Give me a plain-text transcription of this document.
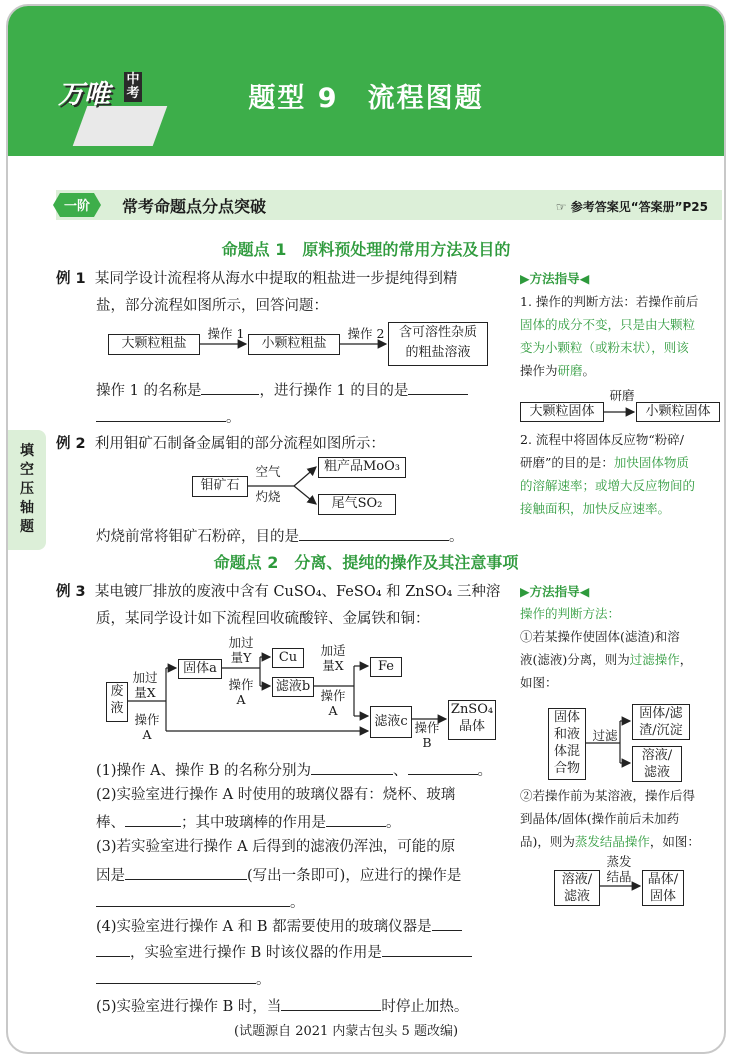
万唯
中考	题型 9　流程图题
一阶 常考命题点分点突破	☞ 参考答案见“答案册”P25
填空压轴题
命题点 1　原料预处理的常用方法及目的
例 1 某同学设计流程将从海水中提取的粗盐进一步提纯得到精
盐，部分流程如图所示，回答问题：
大颗粒粗盐
操作 1
小颗粒粗盐
操作 2	含可溶性杂质
的粗盐溶液
操作 1 的名称是	，进行操作 1 的目的是
。
例 2 利用钼矿石制备金属钼的部分流程如图所示：
钼矿石
空气
灼烧
粗产品MoO₃
尾气SO₂
灼烧前常将钼矿石粉碎，目的是	。
▶方法指导◀
1. 操作的判断方法：若操作前后
固体的成分不变，只是由大颗粒
变为小颗粒（或粉末状），则该
操作为研磨。
大颗粒固体
研磨
小颗粒固体
2. 流程中将固体反应物“粉碎/
研磨”的目的是：加快固体物质
的溶解速率；或增大反应物间的
接触面积，加快反应速率。
命题点 2　分离、提纯的操作及其注意事项
例 3 某电镀厂排放的废液中含有 CuSO₄、FeSO₄ 和 ZnSO₄ 三种溶
质，某同学设计如下流程回收硫酸锌、金属铁和铜：
废
液
加过
量X
操作
A
固体a
加过
量Y
操作
A
Cu
滤液b
加适
量X
操作
A
Fe
滤液c 操作
B
ZnSO₄
晶体
(1)操作 A、操作 B 的名称分别为	、	。
(2)实验室进行操作 A 时使用的玻璃仪器有：烧杯、玻璃
棒、	；其中玻璃棒的作用是	。
(3)若实验室进行操作 A 后得到的滤液仍浑浊，可能的原
因是	(写出一条即可)，应进行的操作是
。
(4)实验室进行操作 A 和 B 都需要使用的玻璃仪器是
，实验室进行操作 B 时该仪器的作用是
。
(5)实验室进行操作 B 时，当	时停止加热。
(试题源自 2021 内蒙古包头 5 题改编)
▶方法指导◀
操作的判断方法：
①若某操作使固体(滤渣)和溶
液(滤液)分离，则为过滤操作，
如图：
固体
和液
体混
合物
过滤
固体/滤
渣/沉淀
溶液/
滤液
②若操作前为某溶液，操作后得
到晶体/固体(操作前后未加药
品)，则为蒸发结晶操作，如图：
溶液/
滤液
蒸发
结晶	晶体/
固体
